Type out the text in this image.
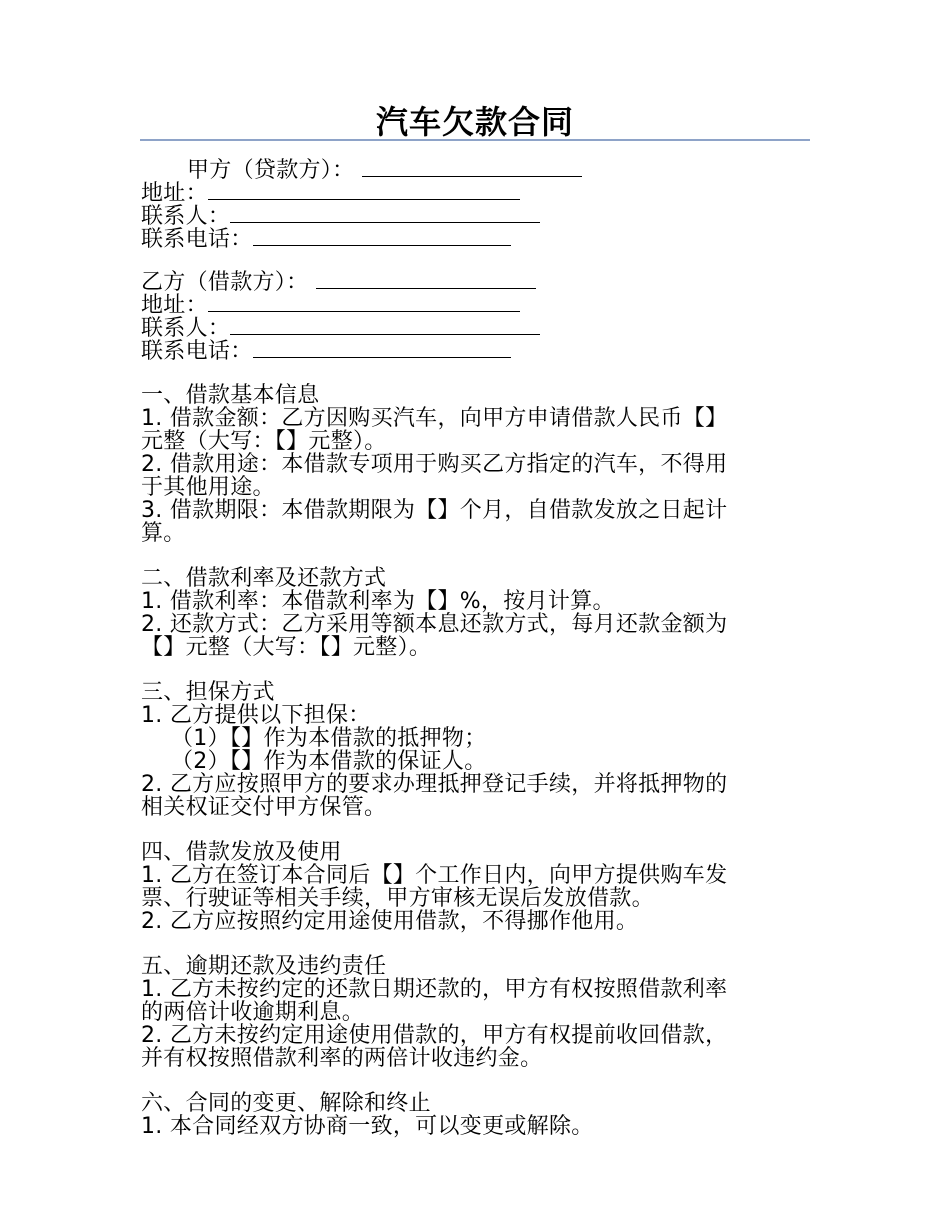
汽车欠款合同
甲方（贷款方）：
地址：
联系人：
联系电话：
乙方（借款方）：
地址：
联系人：
联系电话：
一、借款基本信息
1. 借款金额：乙方因购买汽车，向甲方申请借款人民币【】
元整（大写：【】元整）。
2. 借款用途：本借款专项用于购买乙方指定的汽车，不得用
于其他用途。
3. 借款期限：本借款期限为【】个月，自借款发放之日起计
算。
二、借款利率及还款方式
1. 借款利率：本借款利率为【】%，按月计算。
2. 还款方式：乙方采用等额本息还款方式，每月还款金额为
【】元整（大写：【】元整）。
三、担保方式
1. 乙方提供以下担保：
（1）【】作为本借款的抵押物；
（2）【】作为本借款的保证人。
2. 乙方应按照甲方的要求办理抵押登记手续，并将抵押物的
相关权证交付甲方保管。
四、借款发放及使用
1. 乙方在签订本合同后【】个工作日内，向甲方提供购车发
票、行驶证等相关手续，甲方审核无误后发放借款。
2. 乙方应按照约定用途使用借款，不得挪作他用。
五、逾期还款及违约责任
1. 乙方未按约定的还款日期还款的，甲方有权按照借款利率
的两倍计收逾期利息。
2. 乙方未按约定用途使用借款的，甲方有权提前收回借款，
并有权按照借款利率的两倍计收违约金。
六、合同的变更、解除和终止
1. 本合同经双方协商一致，可以变更或解除。
